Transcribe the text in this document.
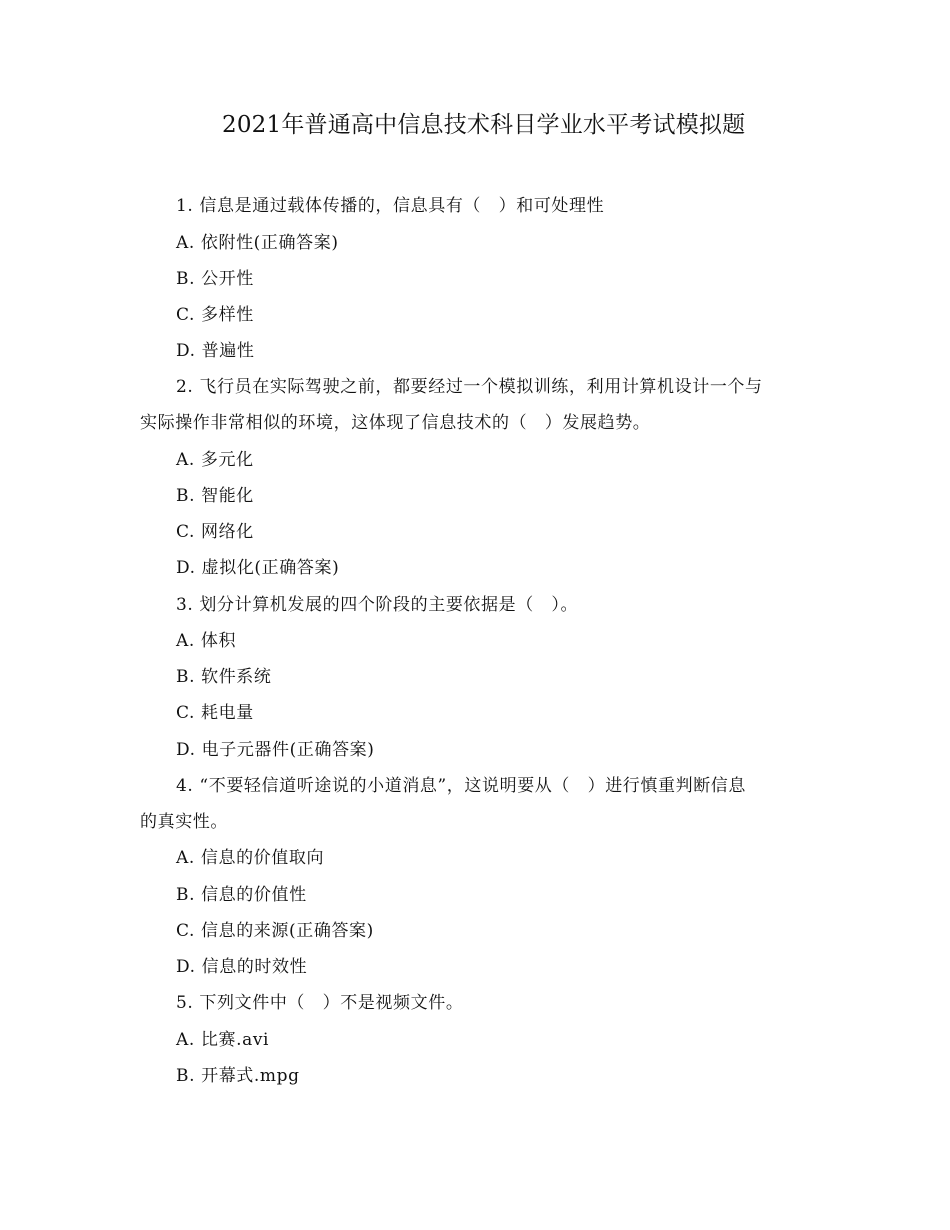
2021年普通高中信息技术科目学业水平考试模拟题
1. 信息是通过载体传播的，信息具有（　）和可处理性
A. 依附性(正确答案)
B. 公开性
C. 多样性
D. 普遍性
2. 飞行员在实际驾驶之前，都要经过一个模拟训练，利用计算机设计一个与
实际操作非常相似的环境，这体现了信息技术的（　）发展趋势。
A. 多元化
B. 智能化
C. 网络化
D. 虚拟化(正确答案)
3. 划分计算机发展的四个阶段的主要依据是（　）。
A. 体积
B. 软件系统
C. 耗电量
D. 电子元器件(正确答案)
4. “不要轻信道听途说的小道消息”，这说明要从（　）进行慎重判断信息
的真实性。
A. 信息的价值取向
B. 信息的价值性
C. 信息的来源(正确答案)
D. 信息的时效性
5. 下列文件中（　）不是视频文件。
A. 比赛.avi
B. 开幕式.mpg
